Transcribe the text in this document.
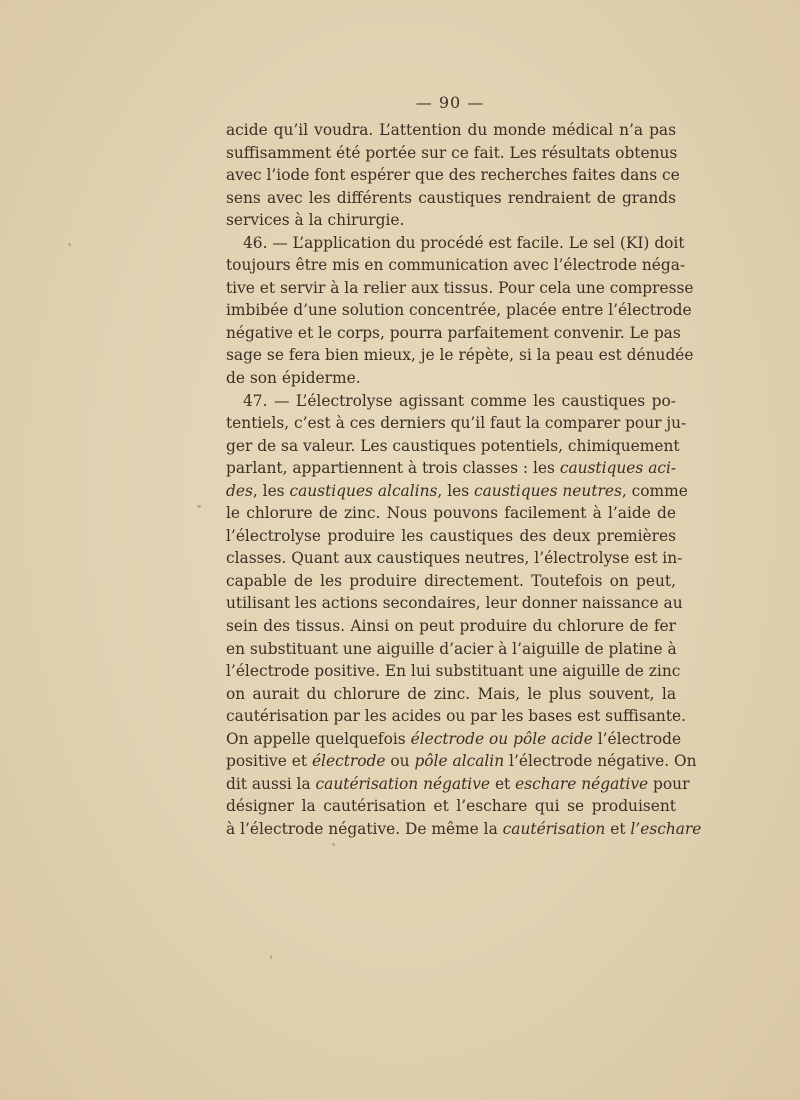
— 90 —
acide qu’il voudra. L’attention du monde médical n’a pas
suffisamment été portée sur ce fait. Les résultats obtenus
avec l’iode font espérer que des recherches faites dans ce
sens avec les différents caustiques rendraient de grands
services à la chirurgie.
46. — L’application du procédé est facile. Le sel (KI) doit
toujours être mis en communication avec l’électrode néga-
tive et servir à la relier aux tissus. Pour cela une compresse
imbibée d’une solution concentrée, placée entre l’électrode
négative et le corps, pourra parfaitement convenir. Le pas
sage se fera bien mieux, je le répète, si la peau est dénudée
de son épiderme.
47. — L’électrolyse agissant comme les caustiques po-
tentiels, c’est à ces derniers qu’il faut la comparer pour ju-
ger de sa valeur. Les caustiques potentiels, chimiquement
parlant, appartiennent à trois classes : les caustiques aci-
des, les caustiques alcalins, les caustiques neutres, comme
le chlorure de zinc. Nous pouvons facilement à l’aide de
l’électrolyse produire les caustiques des deux premières
classes. Quant aux caustiques neutres, l’électrolyse est in-
capable de les produire directement. Toutefois on peut,
utilisant les actions secondaires, leur donner naissance au
sein des tissus. Ainsi on peut produire du chlorure de fer
en substituant une aiguille d’acier à l’aiguille de platine à
l’électrode positive. En lui substituant une aiguille de zinc
on aurait du chlorure de zinc. Mais, le plus souvent, la
cautérisation par les acides ou par les bases est suffisante.
On appelle quelquefois électrode ou pôle acide l’électrode
positive et électrode ou pôle alcalin l’électrode négative. On
dit aussi la cautérisation négative et eschare négative pour
désigner la cautérisation et l’eschare qui se produisent
à l’électrode négative. De même la cautérisation et l’eschare
